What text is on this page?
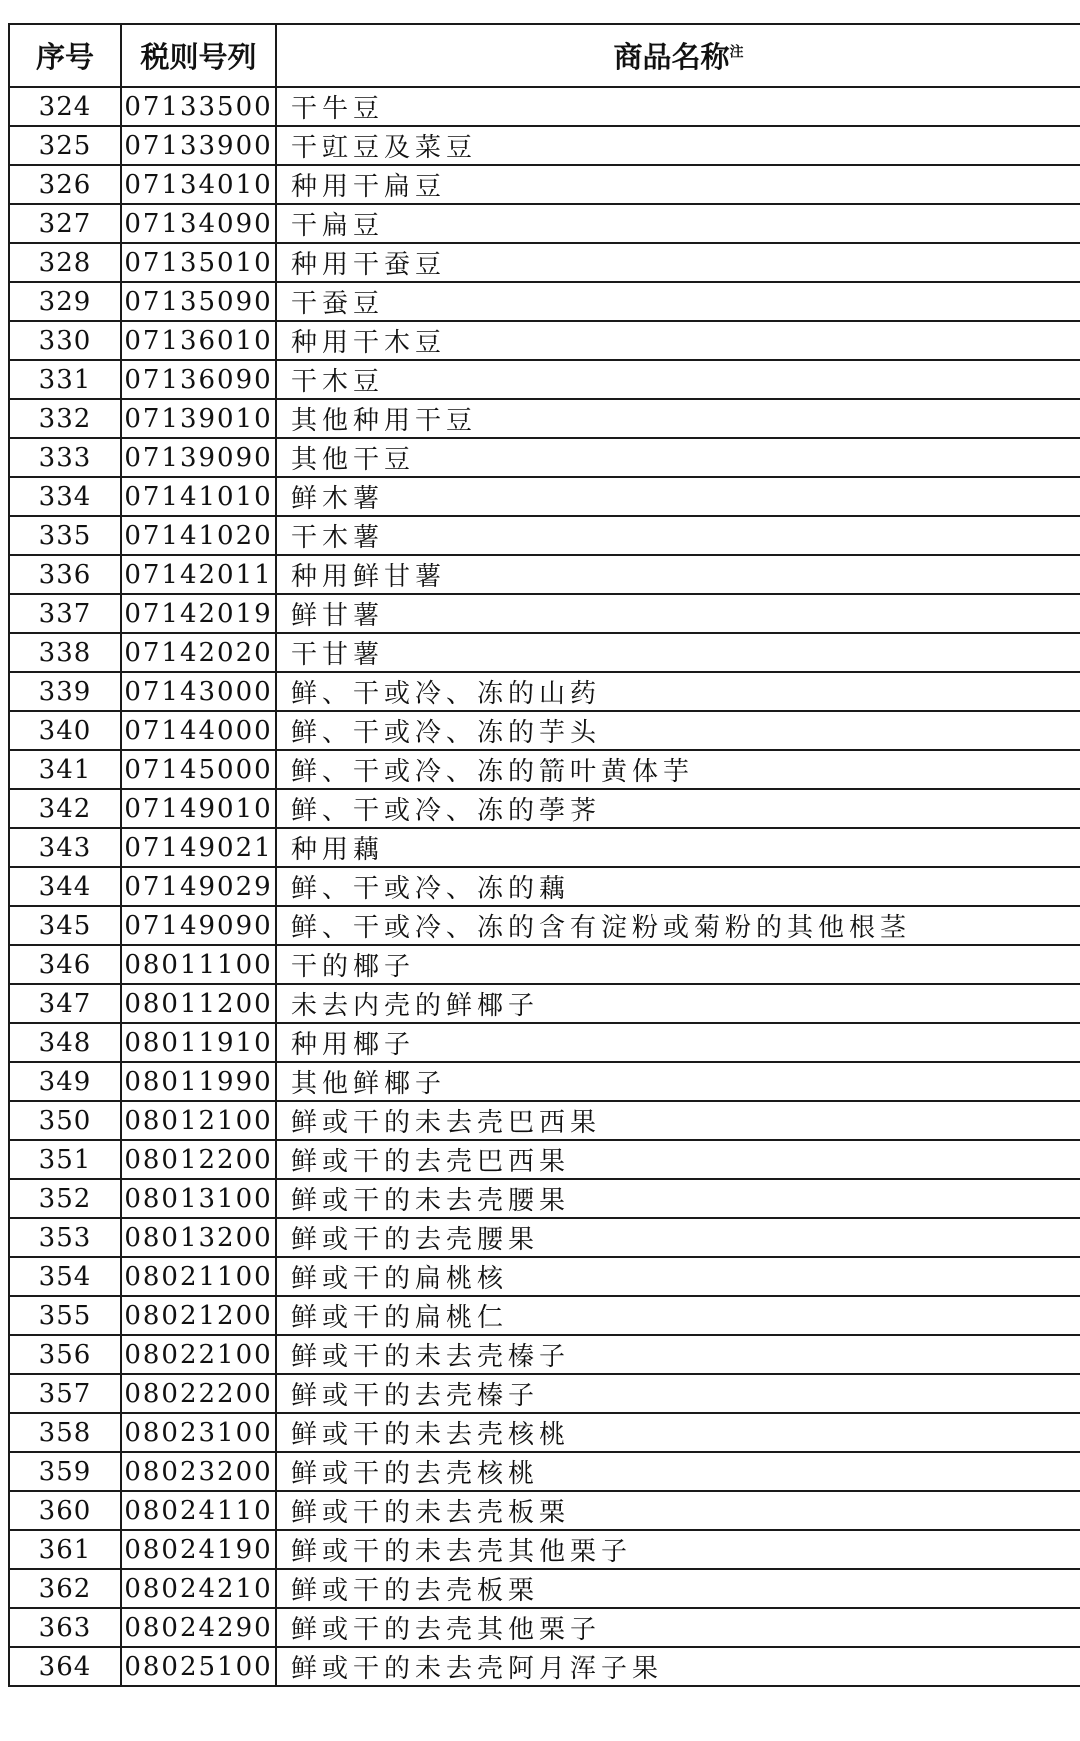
序号	税则号列	商品名称$^注$
324	07133500	干牛豆
325	07133900	干豇豆及菜豆
326	07134010	种用干扁豆
327	07134090	干扁豆
328	07135010	种用干蚕豆
329	07135090	干蚕豆
330	07136010	种用干木豆
331	07136090	干木豆
332	07139010	其他种用干豆
333	07139090	其他干豆
334	07141010	鲜木薯
335	07141020	干木薯
336	07142011	种用鲜甘薯
337	07142019	鲜甘薯
338	07142020	干甘薯
339	07143000	鲜、干或冷、冻的山药
340	07144000	鲜、干或冷、冻的芋头
341	07145000	鲜、干或冷、冻的箭叶黄体芋
342	07149010	鲜、干或冷、冻的荸荠
343	07149021	种用藕
344	07149029	鲜、干或冷、冻的藕
345	07149090	鲜、干或冷、冻的含有淀粉或菊粉的其他根茎
346	08011100	干的椰子
347	08011200	未去内壳的鲜椰子
348	08011910	种用椰子
349	08011990	其他鲜椰子
350	08012100	鲜或干的未去壳巴西果
351	08012200	鲜或干的去壳巴西果
352	08013100	鲜或干的未去壳腰果
353	08013200	鲜或干的去壳腰果
354	08021100	鲜或干的扁桃核
355	08021200	鲜或干的扁桃仁
356	08022100	鲜或干的未去壳榛子
357	08022200	鲜或干的去壳榛子
358	08023100	鲜或干的未去壳核桃
359	08023200	鲜或干的去壳核桃
360	08024110	鲜或干的未去壳板栗
361	08024190	鲜或干的未去壳其他栗子
362	08024210	鲜或干的去壳板栗
363	08024290	鲜或干的去壳其他栗子
364	08025100	鲜或干的未去壳阿月浑子果
